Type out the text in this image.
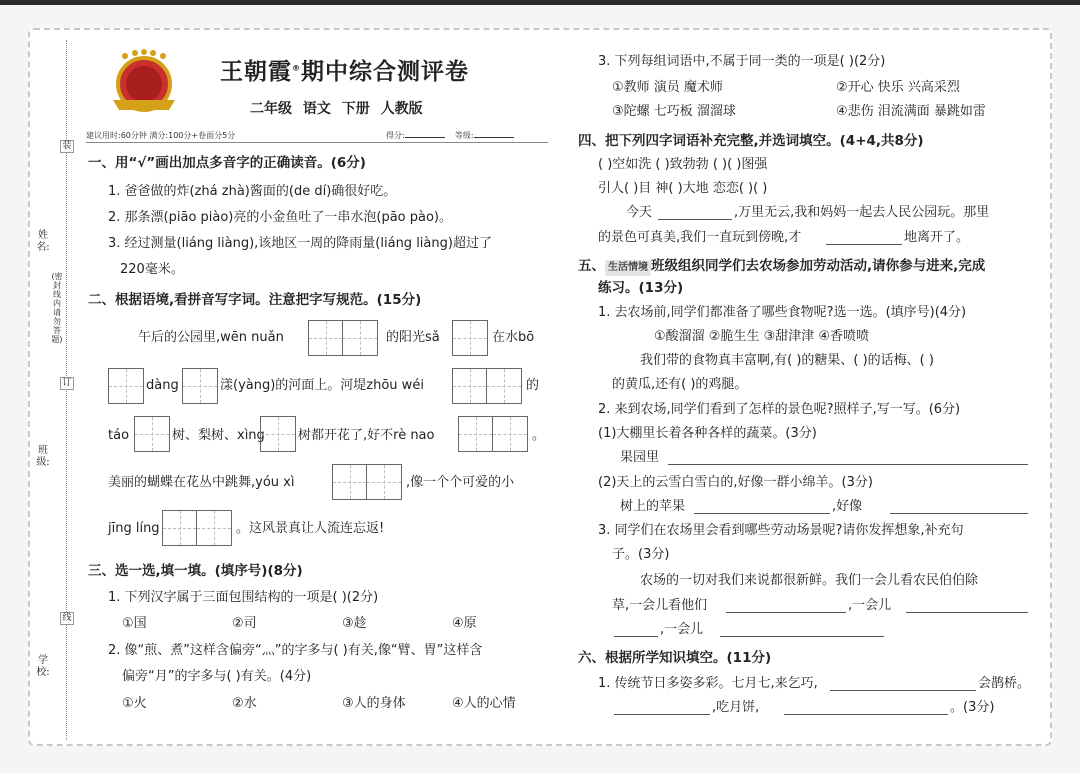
装
订
线
姓名:
(密封线内请勿答题)
班级:
学校:
王朝霞®期中综合测评卷
二年级 语文 下册 人教版
建议用时:60分钟 满分:100分+卷面分5分	得分:	等级:
一、用“√”画出加点多音字的正确读音。(6分)
1. 爸爸做的炸(zhá zhà)酱面的(de dí)确很好吃。
2. 那条漂(piāo piào)亮的小金鱼吐了一串水泡(pāo pào)。
3. 经过测量(liáng liàng),该地区一周的降雨量(liáng liàng)超过了
220毫米。
二、根据语境,看拼音写字词。注意把字写规范。(15分)
午后的公园里,wēn nuǎn	的阳光sǎ	在水bō
dàng	漾(yàng)的河面上。河堤zhōu wéi	的
táo	树、梨树、xìng	树都开花了,好不rè nao	。
美丽的蝴蝶在花丛中跳舞,yóu xì	,像一个个可爱的小
jīng líng	。这风景真让人流连忘返!
三、选一选,填一填。(填序号)(8分)
1. 下列汉字属于三面包围结构的一项是( )(2分)
①国	②司	③趁	④原
2. 像“煎、煮”这样含偏旁“灬”的字多与( )有关,像“臂、胃”这样含
偏旁“月”的字多与( )有关。(4分)
①火	②水	③人的身体	④人的心情
3. 下列每组词语中,不属于同一类的一项是( )(2分)
①教师 演员 魔术师	②开心 快乐 兴高采烈
③陀螺 七巧板 溜溜球	④悲伤 泪流满面 暴跳如雷
四、把下列四字词语补充完整,并选词填空。(4+4,共8分)
( )空如洗 ( )致勃勃 ( )( )图强
引人( )目 神( )大地 恋恋( )( )
今天	,万里无云,我和妈妈一起去人民公园玩。那里
的景色可真美,我们一直玩到傍晚,才	地离开了。
五、 生活情境 班级组织同学们去农场参加劳动活动,请你参与进来,完成
练习。(13分)
1. 去农场前,同学们都准备了哪些食物呢?选一选。(填序号)(4分)
①酸溜溜 ②脆生生 ③甜津津 ④香喷喷
我们带的食物真丰富啊,有( )的糖果、( )的话梅、( )
的黄瓜,还有( )的鸡腿。
2. 来到农场,同学们看到了怎样的景色呢?照样子,写一写。(6分)
(1)大棚里长着各种各样的蔬菜。(3分)
果园里
(2)天上的云雪白雪白的,好像一群小绵羊。(3分)
树上的苹果	,好像
3. 同学们在农场里会看到哪些劳动场景呢?请你发挥想象,补充句
子。(3分)
农场的一切对我们来说都很新鲜。我们一会儿看农民伯伯除
草,一会儿看他们	,一会儿
,一会儿
六、根据所学知识填空。(11分)
1. 传统节日多姿多彩。七月七,来乞巧,	会鹊桥。
,吃月饼,	。(3分)
